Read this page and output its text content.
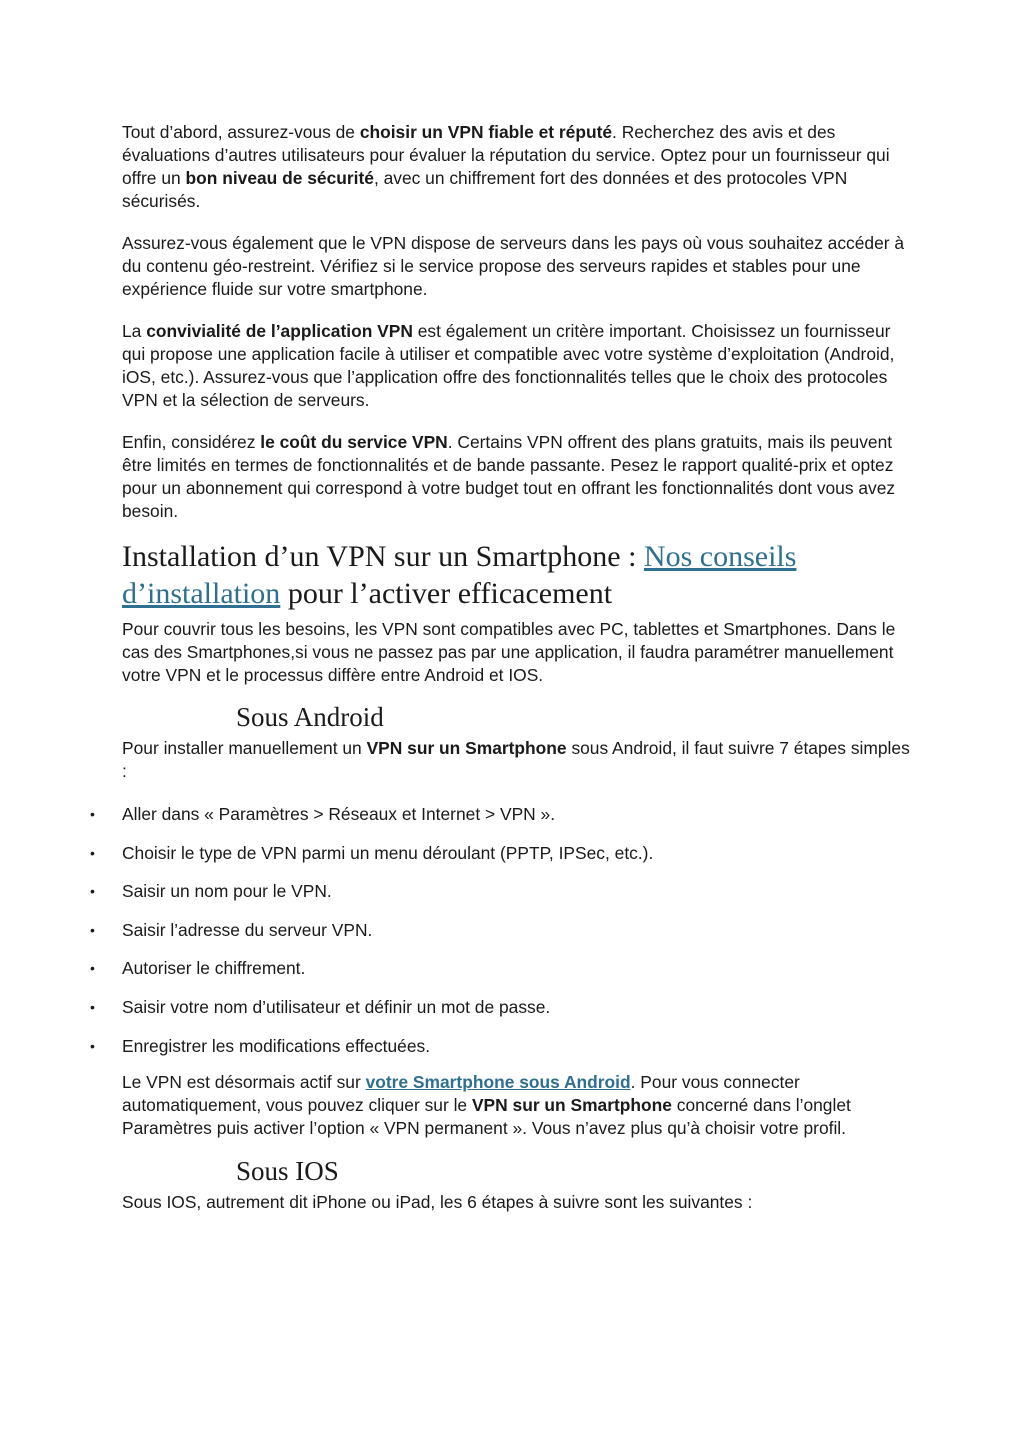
Tout d’abord, assurez-vous de choisir un VPN fiable et réputé. Recherchez des avis et des évaluations d’autres utilisateurs pour évaluer la réputation du service. Optez pour un fournisseur qui offre un bon niveau de sécurité, avec un chiffrement fort des données et des protocoles VPN sécurisés.

Assurez-vous également que le VPN dispose de serveurs dans les pays où vous souhaitez accéder à du contenu géo-restreint. Vérifiez si le service propose des serveurs rapides et stables pour une expérience fluide sur votre smartphone.

La convivialité de l’application VPN est également un critère important. Choisissez un fournisseur qui propose une application facile à utiliser et compatible avec votre système d’exploitation (Android, iOS, etc.). Assurez-vous que l’application offre des fonctionnalités telles que le choix des protocoles VPN et la sélection de serveurs.

Enfin, considérez le coût du service VPN. Certains VPN offrent des plans gratuits, mais ils peuvent être limités en termes de fonctionnalités et de bande passante. Pesez le rapport qualité-prix et optez pour un abonnement qui correspond à votre budget tout en offrant les fonctionnalités dont vous avez besoin.

Installation d’un VPN sur un Smartphone : Nos conseils d’installation pour l’activer efficacement

Pour couvrir tous les besoins, les VPN sont compatibles avec PC, tablettes et Smartphones. Dans le cas des Smartphones,si vous ne passez pas par une application, il faudra paramétrer manuellement votre VPN et le processus diffère entre Android et IOS.

Sous Android

Pour installer manuellement un VPN sur un Smartphone sous Android, il faut suivre 7 étapes simples :

• Aller dans « Paramètres > Réseaux et Internet > VPN ».
• Choisir le type de VPN parmi un menu déroulant (PPTP, IPSec, etc.).
• Saisir un nom pour le VPN.
• Saisir l’adresse du serveur VPN.
• Autoriser le chiffrement.
• Saisir votre nom d’utilisateur et définir un mot de passe.
• Enregistrer les modifications effectuées.

Le VPN est désormais actif sur votre Smartphone sous Android. Pour vous connecter automatiquement, vous pouvez cliquer sur le VPN sur un Smartphone concerné dans l’onglet Paramètres puis activer l’option « VPN permanent ». Vous n’avez plus qu’à choisir votre profil.

Sous IOS

Sous IOS, autrement dit iPhone ou iPad, les 6 étapes à suivre sont les suivantes :
